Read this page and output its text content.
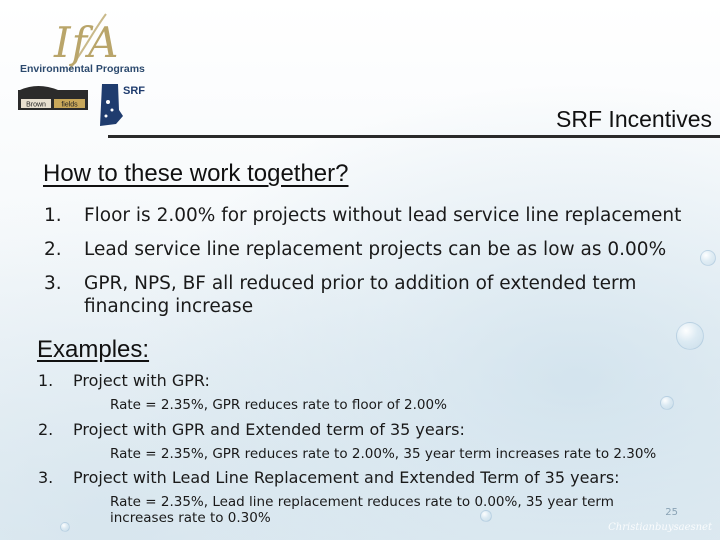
IfA
Environmental Programs
Brown fields
SRF
SRF Incentives
How to these work together?
1.	Floor is 2.00% for projects without lead service line replacement
2.	Lead service line replacement projects can be as low as 0.00%
3.	GPR, NPS, BF all reduced prior to addition of extended term financing increase
Examples:
1.	Project with GPR:
Rate = 2.35%, GPR reduces rate to floor of 2.00%
2.	Project with GPR and Extended term of 35 years:
Rate = 2.35%, GPR reduces rate to 2.00%, 35 year term increases rate to 2.30%
3.	Project with Lead Line Replacement and Extended Term of 35 years:
Rate = 2.35%, Lead line replacement reduces rate to 0.00%, 35 year term increases rate to 0.30%	25
Christianbuysaesnet
